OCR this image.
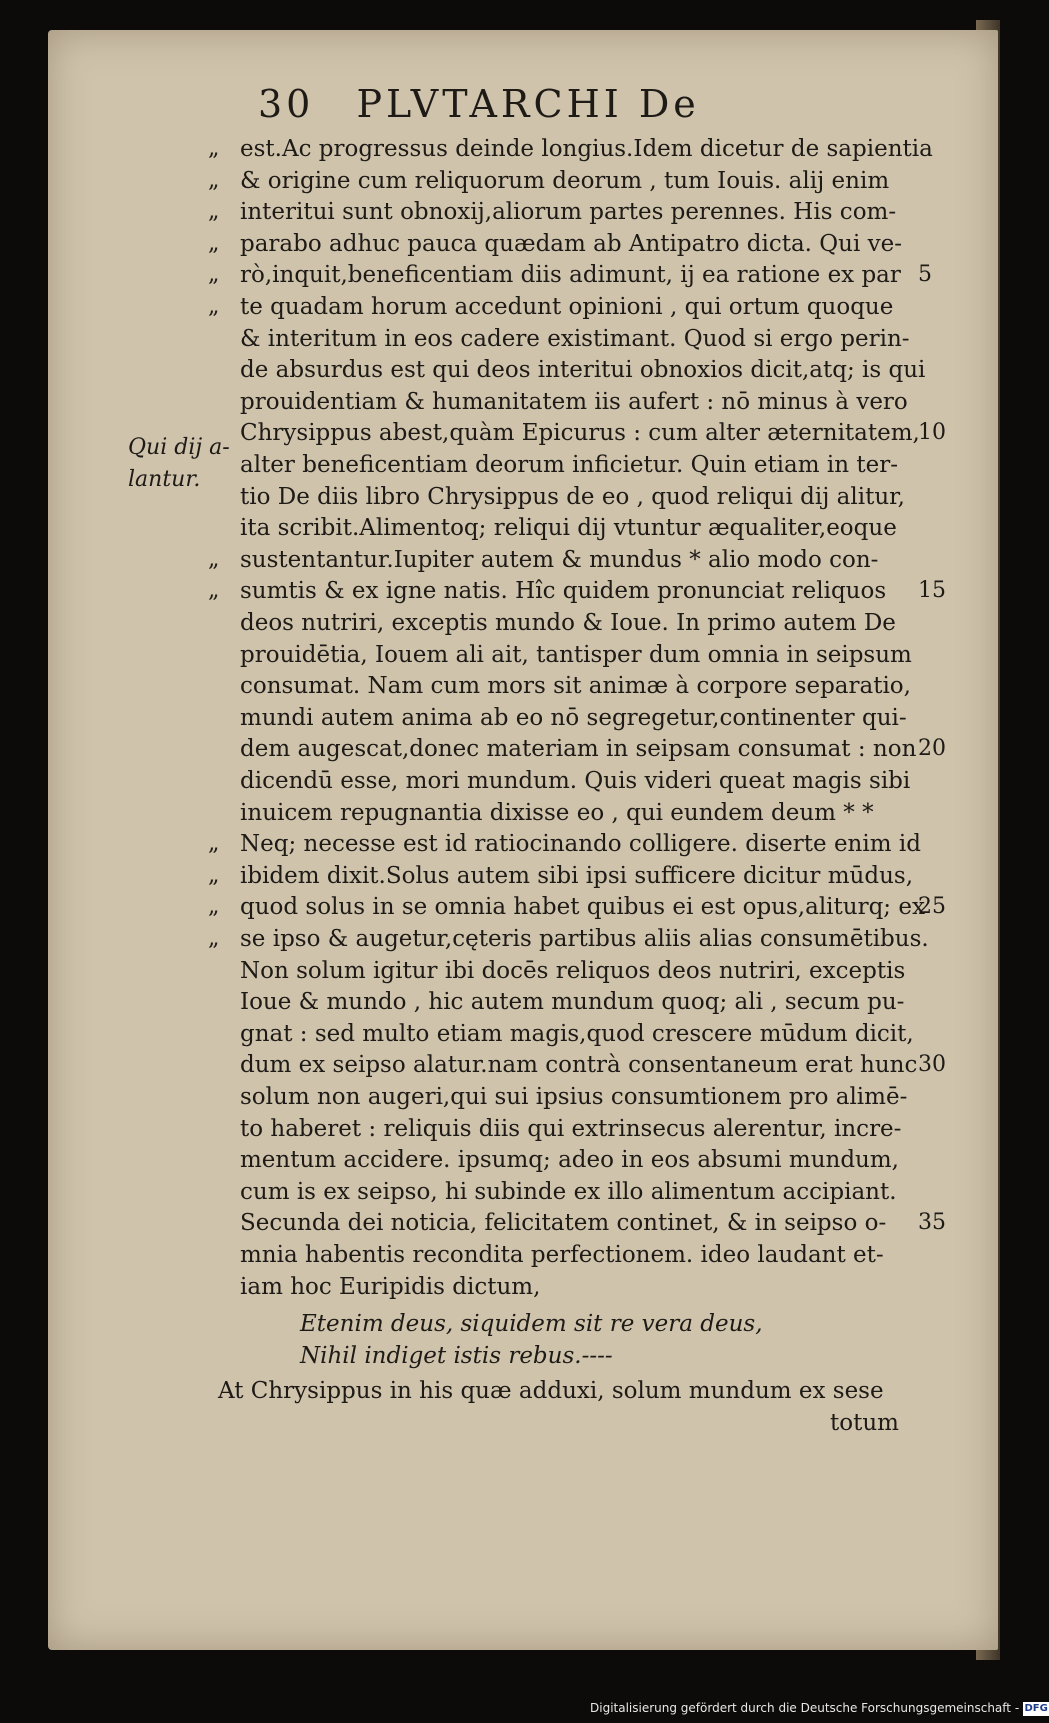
30 PLVTARCHI De
Qui dij a-
lantur.
„ est.Ac progressus deinde longius.Idem dicetur de sapientia
„ & origine cum reliquorum deorum , tum Iouis. alij enim
„ interitui sunt obnoxij,aliorum partes perennes. His com-
„ parabo adhuc pauca quædam ab Antipatro dicta. Qui ve-
„ rò,inquit,beneficentiam diis adimunt, ij ea ratione ex par 5
„ te quadam horum accedunt opinioni , qui ortum quoque
& interitum in eos cadere existimant. Quod si ergo perin-
de absurdus est qui deos interitui obnoxios dicit,atq; is qui
prouidentiam & humanitatem iis aufert : nō minus à vero
Chrysippus abest,quàm Epicurus : cum alter æternitatem,
10
alter beneficentiam deorum inficietur. Quin etiam in ter-
tio De diis libro Chrysippus de eo , quod reliqui dij alitur,
ita scribit.Alimentoq; reliqui dij vtuntur æqualiter,eoque
„ sustentantur.Iupiter autem & mundus * alio modo con-
„ sumtis & ex igne natis. Hîc quidem pronunciat reliquos	15
deos nutriri, exceptis mundo & Ioue. In primo autem De
prouidētia, Iouem ali ait, tantisper dum omnia in seipsum
consumat. Nam cum mors sit animæ à corpore separatio,
mundi autem anima ab eo nō segregetur,continenter qui-
dem augescat,donec materiam in seipsam consumat : non 20
dicendū esse, mori mundum. Quis videri queat magis sibi
inuicem repugnantia dixisse eo , qui eundem deum * *
„ Neq; necesse est id ratiocinando colligere. diserte enim id
„ ibidem dixit.Solus autem sibi ipsi sufficere dicitur mūdus,
„ quod solus in se omnia habet quibus ei est opus,aliturq; ex
25
„ se ipso & augetur,cęteris partibus aliis alias consumētibus.
Non solum igitur ibi docēs reliquos deos nutriri, exceptis
Ioue & mundo , hic autem mundum quoq; ali , secum pu-
gnat : sed multo etiam magis,quod crescere mūdum dicit,
dum ex seipso alatur.nam contrà consentaneum erat hunc 30
solum non augeri,qui sui ipsius consumtionem pro alimē-
to haberet : reliquis diis qui extrinsecus alerentur, incre-
mentum accidere. ipsumq; adeo in eos absumi mundum,
cum is ex seipso, hi subinde ex illo alimentum accipiant.
Secunda dei noticia, felicitatem continet, & in seipso o-	35
mnia habentis recondita perfectionem. ideo laudant et-
iam hoc Euripidis dictum,
Etenim deus, siquidem sit re vera deus,
Nihil indiget istis rebus.----
At Chrysippus in his quæ adduxi, solum mundum ex sese
totum
Digitalisierung gefördert durch die Deutsche Forschungsgemeinschaft - DFG
